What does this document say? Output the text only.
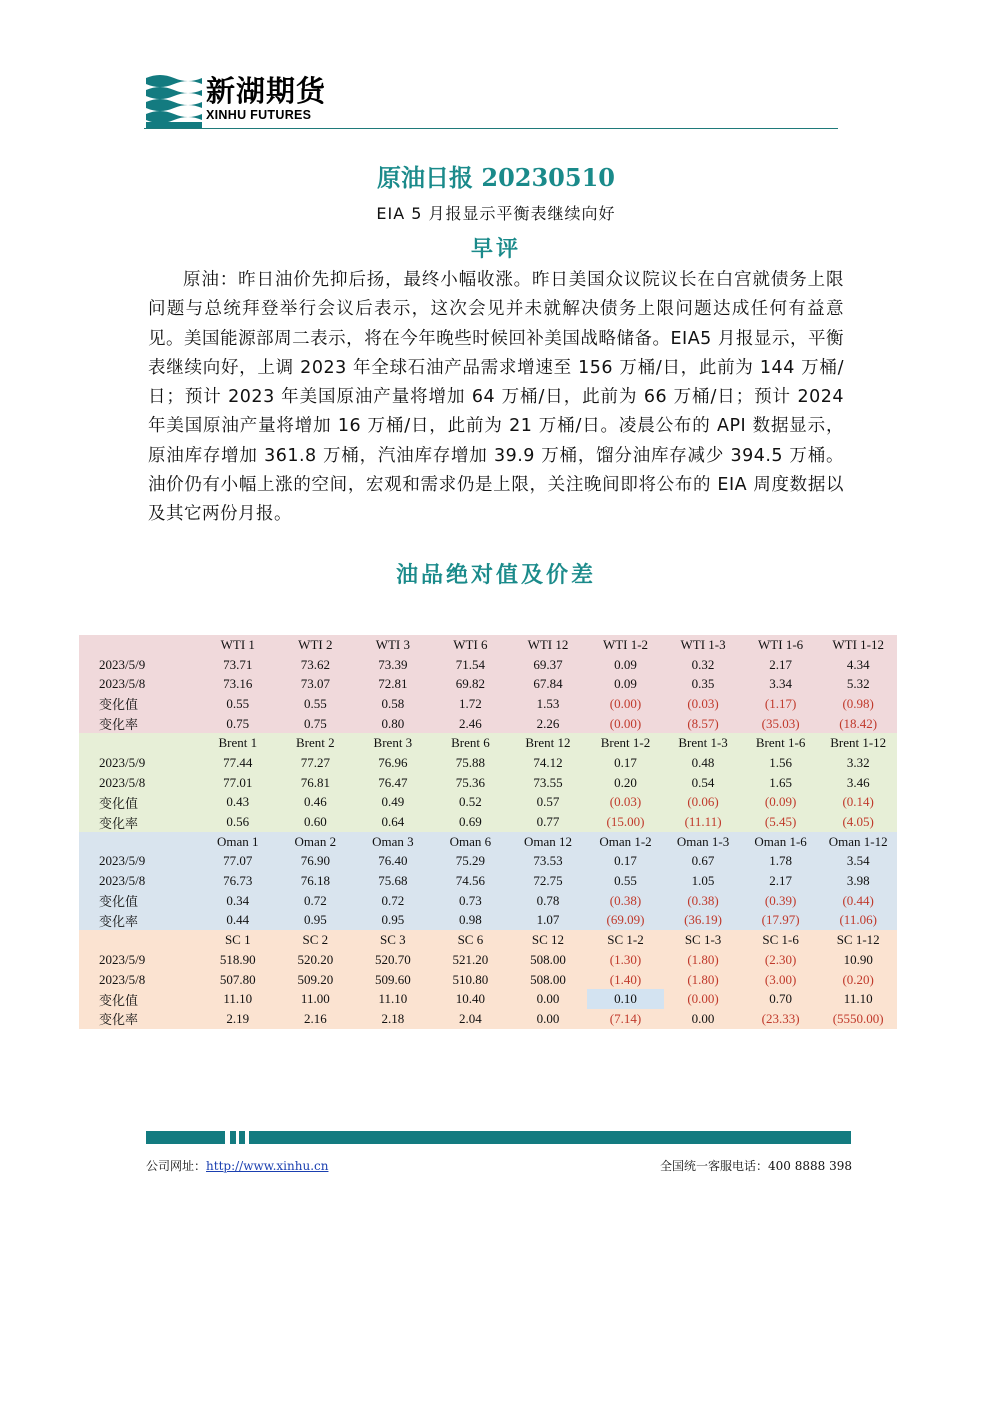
新湖期货
XINHU FUTURES
原油日报 20230510
EIA 5 月报显示平衡表继续向好
早评
原油：昨日油价先抑后扬，最终小幅收涨。昨日美国众议院议长在白宫就债务上限问题与总统拜登举行会议后表示，这次会见并未就解决债务上限问题达成任何有益意见。美国能源部周二表示，将在今年晚些时候回补美国战略储备。EIA5 月报显示，平衡表继续向好，上调 2023 年全球石油产品需求增速至 156 万桶/日，此前为 144 万桶/日；预计 2023 年美国原油产量将增加 64 万桶/日，此前为 66 万桶/日；预计 2024 年美国原油产量将增加 16 万桶/日，此前为 21 万桶/日。凌晨公布的 API 数据显示，原油库存增加 361.8 万桶，汽油库存增加 39.9 万桶，馏分油库存减少 394.5 万桶。油价仍有小幅上涨的空间，宏观和需求仍是上限，关注晚间即将公布的 EIA 周度数据以及其它两份月报。
油品绝对值及价差
	WTI 1	WTI 2	WTI 3	WTI 6	WTI 12	WTI 1-2	WTI 1-3	WTI 1-6	WTI 1-12
2023/5/9	73.71	73.62	73.39	71.54	69.37	0.09	0.32	2.17	4.34
2023/5/8	73.16	73.07	72.81	69.82	67.84	0.09	0.35	3.34	5.32
变化值	0.55	0.55	0.58	1.72	1.53	(0.00)	(0.03)	(1.17)	(0.98)
变化率	0.75	0.75	0.80	2.46	2.26	(0.00)	(8.57)	(35.03)	(18.42)
	Brent 1	Brent 2	Brent 3	Brent 6	Brent 12	Brent 1-2	Brent 1-3	Brent 1-6	Brent 1-12
2023/5/9	77.44	77.27	76.96	75.88	74.12	0.17	0.48	1.56	3.32
2023/5/8	77.01	76.81	76.47	75.36	73.55	0.20	0.54	1.65	3.46
变化值	0.43	0.46	0.49	0.52	0.57	(0.03)	(0.06)	(0.09)	(0.14)
变化率	0.56	0.60	0.64	0.69	0.77	(15.00)	(11.11)	(5.45)	(4.05)
	Oman 1	Oman 2	Oman 3	Oman 6	Oman 12	Oman 1-2	Oman 1-3	Oman 1-6	Oman 1-12
2023/5/9	77.07	76.90	76.40	75.29	73.53	0.17	0.67	1.78	3.54
2023/5/8	76.73	76.18	75.68	74.56	72.75	0.55	1.05	2.17	3.98
变化值	0.34	0.72	0.72	0.73	0.78	(0.38)	(0.38)	(0.39)	(0.44)
变化率	0.44	0.95	0.95	0.98	1.07	(69.09)	(36.19)	(17.97)	(11.06)
	SC 1	SC 2	SC 3	SC 6	SC 12	SC 1-2	SC 1-3	SC 1-6	SC 1-12
2023/5/9	518.90	520.20	520.70	521.20	508.00	(1.30)	(1.80)	(2.30)	10.90
2023/5/8	507.80	509.20	509.60	510.80	508.00	(1.40)	(1.80)	(3.00)	(0.20)
变化值	11.10	11.00	11.10	10.40	0.00	0.10	(0.00)	0.70	11.10
变化率	2.19	2.16	2.18	2.04	0.00	(7.14)	0.00	(23.33)	(5550.00)
公司网址：http://www.xinhu.cn	全国统一客服电话：400 8888 398
